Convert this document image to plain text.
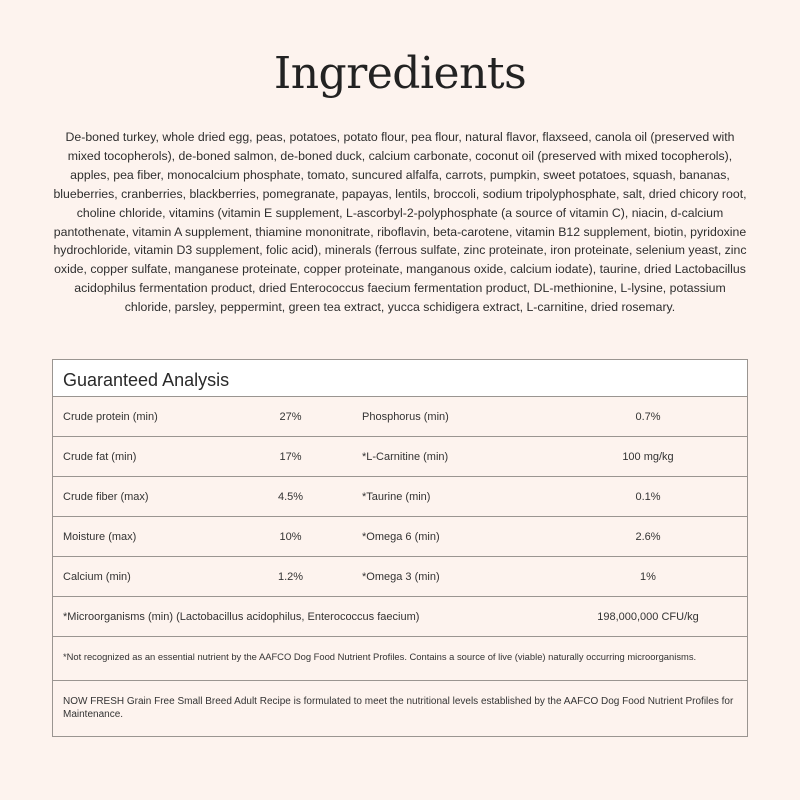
Ingredients
De-boned turkey, whole dried egg, peas, potatoes, potato flour, pea flour, natural flavor, flaxseed, canola oil (preserved with mixed tocopherols), de-boned salmon, de-boned duck, calcium carbonate, coconut oil (preserved with mixed tocopherols), apples, pea fiber, monocalcium phosphate, tomato, suncured alfalfa, carrots, pumpkin, sweet potatoes, squash, bananas, blueberries, cranberries, blackberries, pomegranate, papayas, lentils, broccoli, sodium tripolyphosphate, salt, dried chicory root, choline chloride, vitamins (vitamin E supplement, L-ascorbyl-2-polyphosphate (a source of vitamin C), niacin, d-calcium pantothenate, vitamin A supplement, thiamine mononitrate, riboflavin, beta-carotene, vitamin B12 supplement, biotin, pyridoxine hydrochloride, vitamin D3 supplement, folic acid), minerals (ferrous sulfate, zinc proteinate, iron proteinate, selenium yeast, zinc oxide, copper sulfate, manganese proteinate, copper proteinate, manganous oxide, calcium iodate), taurine, dried Lactobacillus acidophilus fermentation product, dried Enterococcus faecium fermentation product, DL-methionine, L-lysine, potassium chloride, parsley, peppermint, green tea extract, yucca schidigera extract, L-carnitine, dried rosemary.
Guaranteed Analysis
Crude protein (min)	27%	Phosphorus (min)	0.7%
Crude fat (min)	17%	*L-Carnitine (min)	100 mg/kg
Crude fiber (max)	4.5%	*Taurine (min)	0.1%
Moisture (max)	10%	*Omega 6 (min)	2.6%
Calcium (min)	1.2%	*Omega 3 (min)	1%
*Microorganisms (min) (Lactobacillus acidophilus, Enterococcus faecium)	198,000,000 CFU/kg
*Not recognized as an essential nutrient by the AAFCO Dog Food Nutrient Profiles. Contains a source of live (viable) naturally occurring microorganisms.
NOW FRESH Grain Free Small Breed Adult Recipe is formulated to meet the nutritional levels established by the AAFCO Dog Food Nutrient Profiles for Maintenance.
